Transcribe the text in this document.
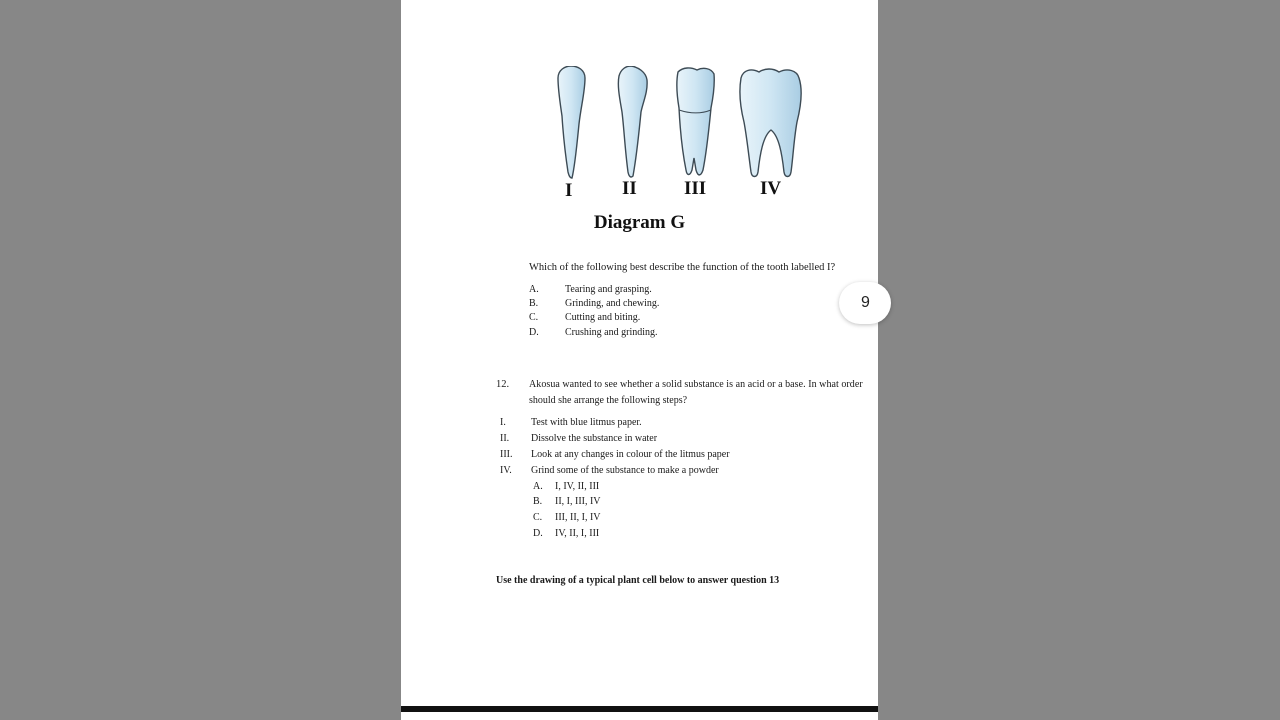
I	II III	IV
Diagram G
Which of the following best describe the function of the tooth labelled I?
A.	Tearing and grasping.
B.	Grinding, and chewing.
C.	Cutting and biting.
D.	Crushing and grinding.
12. Akosua wanted to see whether a solid substance is an acid or a base. In what order
should she arrange the following steps?
I.	Test with blue litmus paper.
II. Dissolve the substance in water
III. Look at any changes in colour of the litmus paper
IV. Grind some of the substance to make a powder
A. I, IV, II, III
B. II, I, III, IV
C. III, II, I, IV
D. IV, II, I, III
Use the drawing of a typical plant cell below to answer question 13
9
